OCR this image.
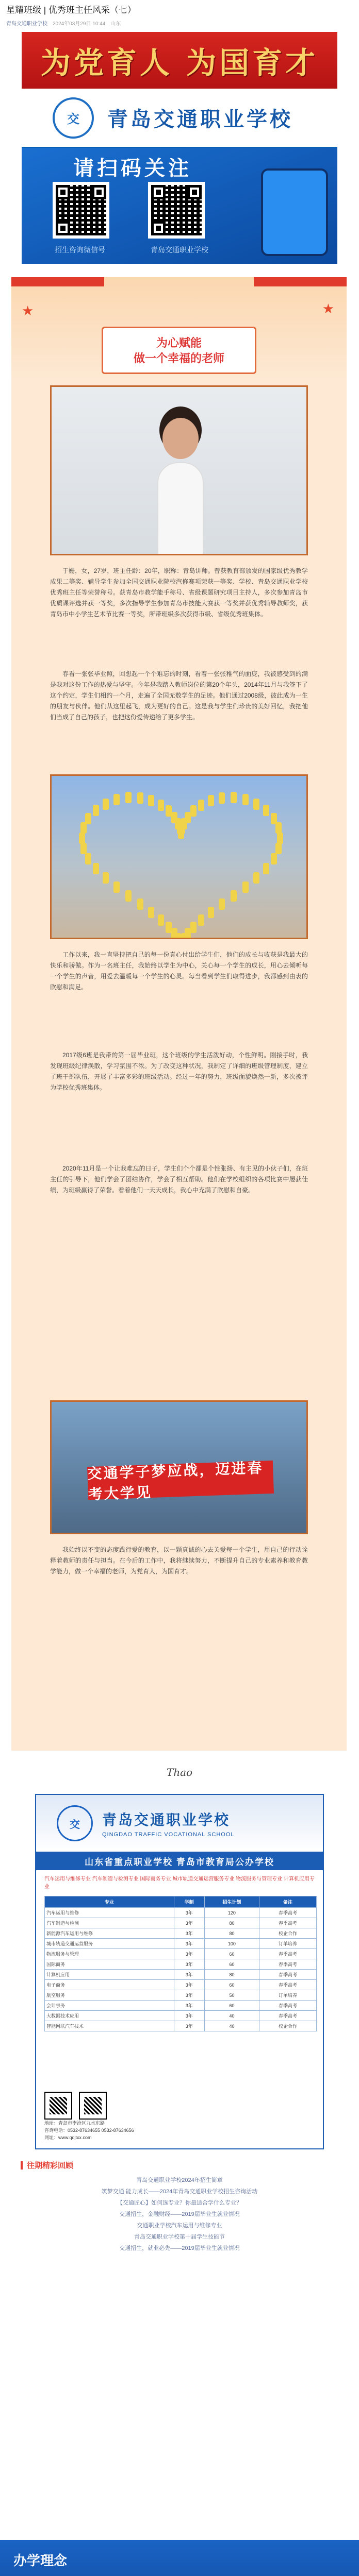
星耀班级 | 优秀班主任风采（七）
青岛交通职业学校 2024年03月29日 10:44 山东
为党育人 为国育才
交 青岛交通职业学校
请扫码关注
招生咨询微信号	青岛交通职业学校
★	★
为心赋能
做一个幸福的老师
于姗，女，27岁，班主任龄：20年，职称：青岛讲师。曾获教育部颁发的国家级优秀教学成果二等奖、辅导学生参加全国交通职业院校汽修赛项荣获一等奖、学校、青岛交通职业学校优秀班主任等荣誉称号。获青岛市教学能手称号、省级课题研究项目主持人，多次参加青岛市优质课评选并获一等奖，多次指导学生参加青岛市技能大赛获一等奖并获优秀辅导教师奖，获青岛市中小学生艺术节比赛一等奖，所带班级多次获得市级、省级优秀班集体。
春看一张张毕业照，回想起一个个难忘的时刻，看着一张张稚气的面庞，我被感受到的满是我对这份工作的热爱与坚守。今年是我踏入教师岗位的第20个年头，2014年11月与我签下了这个约定，学生们相约一个月，走遍了全国无数学生的足迹。他们通过2008级，彼此成为一生的朋友与伙伴。他们从这里起飞，成为更好的自己。这是我与学生们珍贵的美好回忆，我把他们当成了自己的孩子，也把这份爱传递给了更多学生。
工作以来，我一直坚持把自己的每一份真心付出给学生们，他们的成长与收获是我最大的快乐和骄傲。作为一名班主任，我始终以学生为中心，关心每一个学生的成长，用心去倾听每一个学生的声音，用爱去温暖每一个学生的心灵。每当看到学生们取得进步，我都感到由衷的欣慰和满足。
2017级6班是我带的第一届毕业班，这个班级的学生活泼好动，个性鲜明。刚接手时，我发现班级纪律涣散，学习氛围不浓。为了改变这种状况，我制定了详细的班级管理制度，建立了班干部队伍，开展了丰富多彩的班级活动。经过一年的努力，班级面貌焕然一新，多次被评为学校优秀班集体。
2020年11月是一个让我难忘的日子，学生们个个都是个性张扬、有主见的小伙子们，在班主任的引导下，他们学会了团结协作，学会了相互帮助。他们在学校组织的各项比赛中屡获佳绩，为班级赢得了荣誉。看着他们一天天成长，我心中充满了欣慰和自豪。
交通学子梦应战，迈进春考大学见
我始终以不变的态度践行爱的教育，以一颗真诚的心去关爱每一个学生，用自己的行动诠释着教师的责任与担当。在今后的工作中，我将继续努力，不断提升自己的专业素养和教育教学能力，做一个幸福的老师，为党育人，为国育才。
Thao
交 青岛交通职业学校
QINGDAO TRAFFIC VOCATIONAL SCHOOL
山东省重点职业学校 青岛市教育局公办学校
汽车运用与维修专业 汽车制造与检测专业 国际商务专业 城市轨道交通运营服务专业 物流服务与管理专业 计算机应用专业
专业	学制	招生计划	备注
汽车运用与维修	3年	120	春季高考
汽车制造与检测	3年	80	春季高考
新能源汽车运用与维修	3年	80	校企合作
城市轨道交通运营服务	3年	100	订单培养
物流服务与管理	3年	60	春季高考
国际商务	3年	60	春季高考
计算机应用	3年	80	春季高考
电子商务	3年	60	春季高考
航空服务	3年	50	订单培养
会计事务	3年	60	春季高考
大数据技术应用	3年	40	春季高考
智能网联汽车技术	3年	40	校企合作

地址：青岛市李沧区九水东路
咨询电话：0532-87634655 0532-87634656
网址：www.qdjtxx.com
往期精彩回顾
青岛交通职业学校2024年招生简章
筑梦交通 能力成长——2024年青岛交通职业学校招生咨询活动
【交通匠心】如何选专业？你最适合学什么专业？
交通招生，金融财经——2019届毕业生就业情况
交通职业学校汽车运用与维修专业
青岛交通职业学校第十届学生技能节
交通招生，就业必先——2019届毕业生就业情况
办学理念
